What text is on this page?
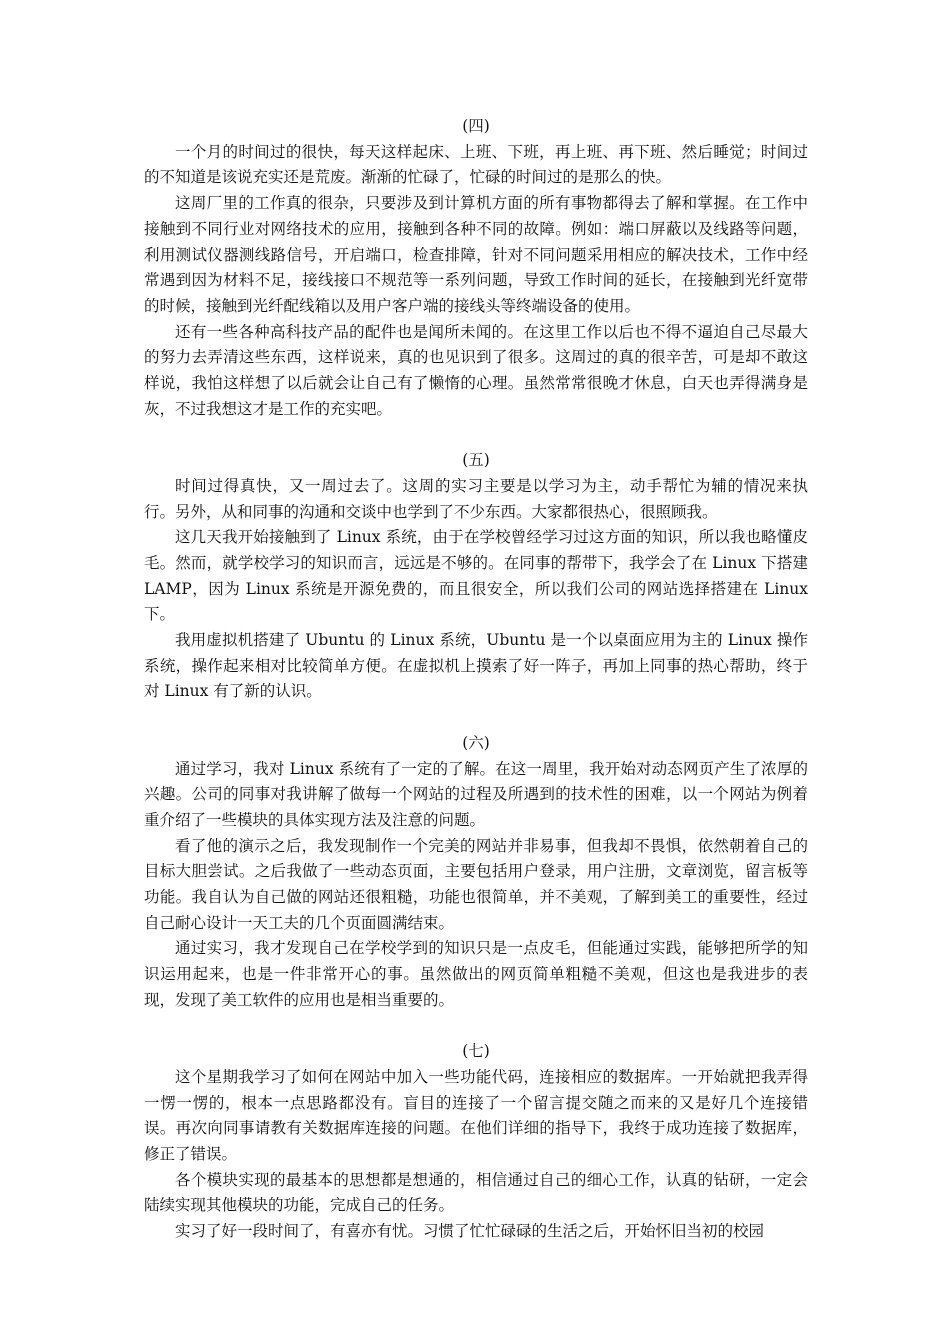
(四)

一个月的时间过的很快，每天这样起床、上班、下班，再上班、再下班、然后睡觉；时间过的不知道是该说充实还是荒废。渐渐的忙碌了，忙碌的时间过的是那么的快。

这周厂里的工作真的很杂，只要涉及到计算机方面的所有事物都得去了解和掌握。在工作中接触到不同行业对网络技术的应用，接触到各种不同的故障。例如：端口屏蔽以及线路等问题，利用测试仪器测线路信号，开启端口，检查排障，针对不同问题采用相应的解决技术，工作中经常遇到因为材料不足，接线接口不规范等一系列问题，导致工作时间的延长，在接触到光纤宽带的时候，接触到光纤配线箱以及用户客户端的接线头等终端设备的使用。

还有一些各种高科技产品的配件也是闻所未闻的。在这里工作以后也不得不逼迫自己尽最大的努力去弄清这些东西，这样说来，真的也见识到了很多。这周过的真的很辛苦，可是却不敢这样说，我怕这样想了以后就会让自己有了懒惰的心理。虽然常常很晚才休息，白天也弄得满身是灰，不过我想这才是工作的充实吧。

(五)

时间过得真快，又一周过去了。这周的实习主要是以学习为主，动手帮忙为辅的情况来执行。另外，从和同事的沟通和交谈中也学到了不少东西。大家都很热心，很照顾我。

这几天我开始接触到了 Linux 系统，由于在学校曾经学习过这方面的知识，所以我也略懂皮毛。然而，就学校学习的知识而言，远远是不够的。在同事的帮带下，我学会了在 Linux 下搭建 LAMP，因为 Linux 系统是开源免费的，而且很安全，所以我们公司的网站选择搭建在 Linux 下。

我用虚拟机搭建了 Ubuntu 的 Linux 系统，Ubuntu 是一个以桌面应用为主的 Linux 操作系统，操作起来相对比较简单方便。在虚拟机上摸索了好一阵子，再加上同事的热心帮助，终于对 Linux 有了新的认识。

(六)

通过学习，我对 Linux 系统有了一定的了解。在这一周里，我开始对动态网页产生了浓厚的兴趣。公司的同事对我讲解了做每一个网站的过程及所遇到的技术性的困难，以一个网站为例着重介绍了一些模块的具体实现方法及注意的问题。

看了他的演示之后，我发现制作一个完美的网站并非易事，但我却不畏惧，依然朝着自己的目标大胆尝试。之后我做了一些动态页面，主要包括用户登录，用户注册，文章浏览，留言板等功能。我自认为自己做的网站还很粗糙，功能也很简单，并不美观，了解到美工的重要性，经过自己耐心设计一天工夫的几个页面圆满结束。

通过实习，我才发现自己在学校学到的知识只是一点皮毛，但能通过实践，能够把所学的知识运用起来，也是一件非常开心的事。虽然做出的网页简单粗糙不美观，但这也是我进步的表现，发现了美工软件的应用也是相当重要的。

(七)

这个星期我学习了如何在网站中加入一些功能代码，连接相应的数据库。一开始就把我弄得一愣一愣的，根本一点思路都没有。盲目的连接了一个留言提交随之而来的又是好几个连接错误。再次向同事请教有关数据库连接的问题。在他们详细的指导下，我终于成功连接了数据库，修正了错误。

各个模块实现的最基本的思想都是想通的，相信通过自己的细心工作，认真的钻研，一定会陆续实现其他模块的功能，完成自己的任务。

实习了好一段时间了，有喜亦有忧。习惯了忙忙碌碌的生活之后，开始怀旧当初的校园
